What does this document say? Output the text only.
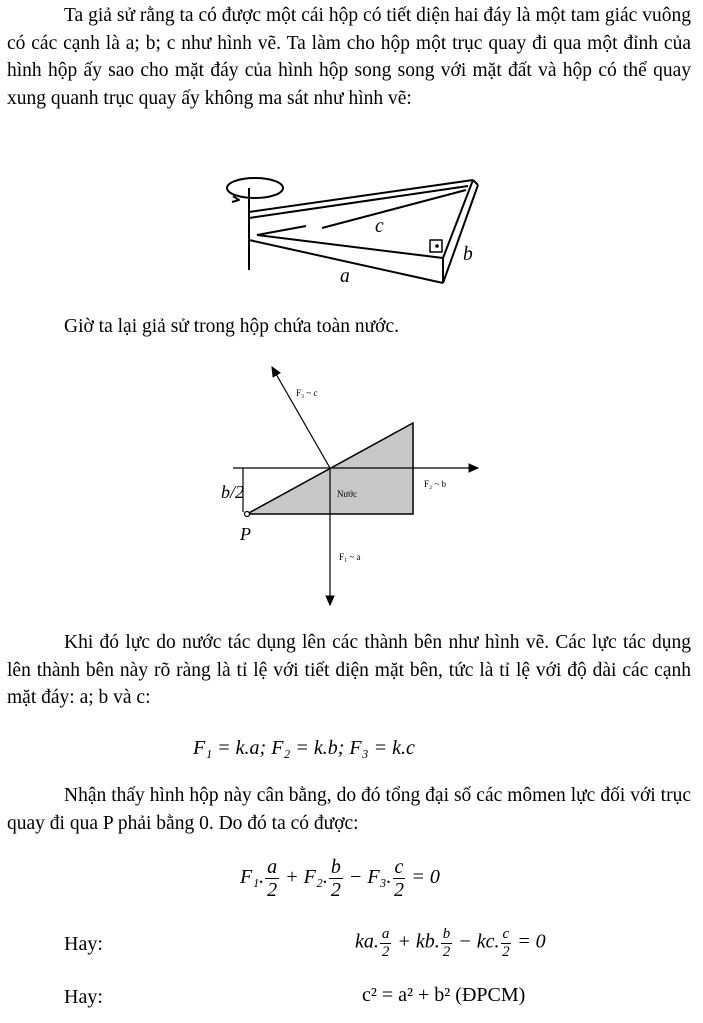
Ta giả sử rằng ta có được một cái hộp có tiết diện hai đáy là một tam giác vuông có các cạnh là a; b; c như hình vẽ. Ta làm cho hộp một trục quay đi qua một đỉnh của hình hộp ấy sao cho mặt đáy của hình hộp song song với mặt đất và hộp có thể quay xung quanh trục quay ấy không ma sát như hình vẽ:

c
b
a

Giờ ta lại giả sử trong hộp chứa toàn nước.

F₃ ~ c
F₂ ~ b
F₁ ~ a
Nước
b/2
P

Khi đó lực do nước tác dụng lên các thành bên như hình vẽ. Các lực tác dụng lên thành bên này rõ ràng là tỉ lệ với tiết diện mặt bên, tức là tỉ lệ với độ dài các cạnh mặt đáy: a; b và c:

F₁ = k.a; F₂ = k.b; F₃ = k.c

Nhận thấy hình hộp này cân bằng, do đó tổng đại số các mômen lực đối với trục quay đi qua P phải bằng 0. Do đó ta có được:

F₁. $\frac{a}{2} + F_2$. $\frac{b}{2} - F_3$. $\frac{c}{2} = 0$
Hay:	ka. $\frac{a}{2}$ + kb. $\frac{b}{2}$ − kc. $\frac{c}{2} = 0$
Hay:	c² = a² + b² (ĐPCM)
